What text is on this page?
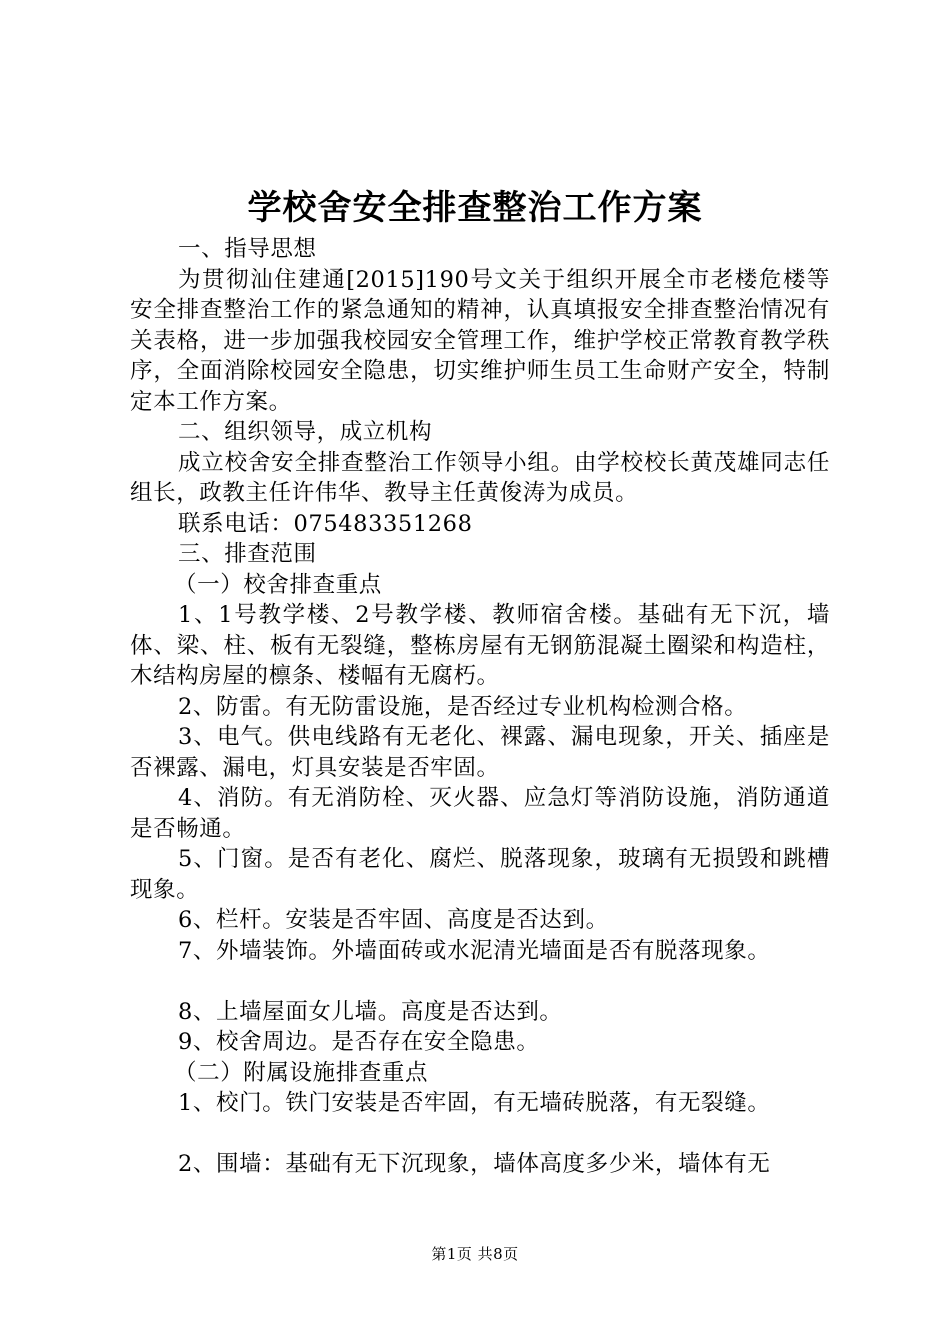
学校舍安全排查整治工作方案

一、指导思想

为贯彻汕住建通[2015]190号文关于组织开展全市老楼危楼等安全排查整治工作的紧急通知的精神，认真填报安全排查整治情况有关表格，进一步加强我校园安全管理工作，维护学校正常教育教学秩序，全面消除校园安全隐患，切实维护师生员工生命财产安全，特制定本工作方案。

二、组织领导，成立机构

成立校舍安全排查整治工作领导小组。由学校校长黄茂雄同志任组长，政教主任许伟华、教导主任黄俊涛为成员。

联系电话：075483351268

三、排查范围

（一）校舍排查重点

1、1号教学楼、2号教学楼、教师宿舍楼。基础有无下沉，墙体、梁、柱、板有无裂缝，整栋房屋有无钢筋混凝土圈梁和构造柱，木结构房屋的檩条、楼幅有无腐朽。

2、防雷。有无防雷设施，是否经过专业机构检测合格。

3、电气。供电线路有无老化、裸露、漏电现象，开关、插座是否裸露、漏电，灯具安装是否牢固。

4、消防。有无消防栓、灭火器、应急灯等消防设施，消防通道是否畅通。

5、门窗。是否有老化、腐烂、脱落现象，玻璃有无损毁和跳槽现象。

6、栏杆。安装是否牢固、高度是否达到。

7、外墙装饰。外墙面砖或水泥清光墙面是否有脱落现象。

8、上墙屋面女儿墙。高度是否达到。

9、校舍周边。是否存在安全隐患。

（二）附属设施排查重点

1、校门。铁门安装是否牢固，有无墙砖脱落，有无裂缝。

2、围墙：基础有无下沉现象，墙体高度多少米，墙体有无

第1页 共8页
